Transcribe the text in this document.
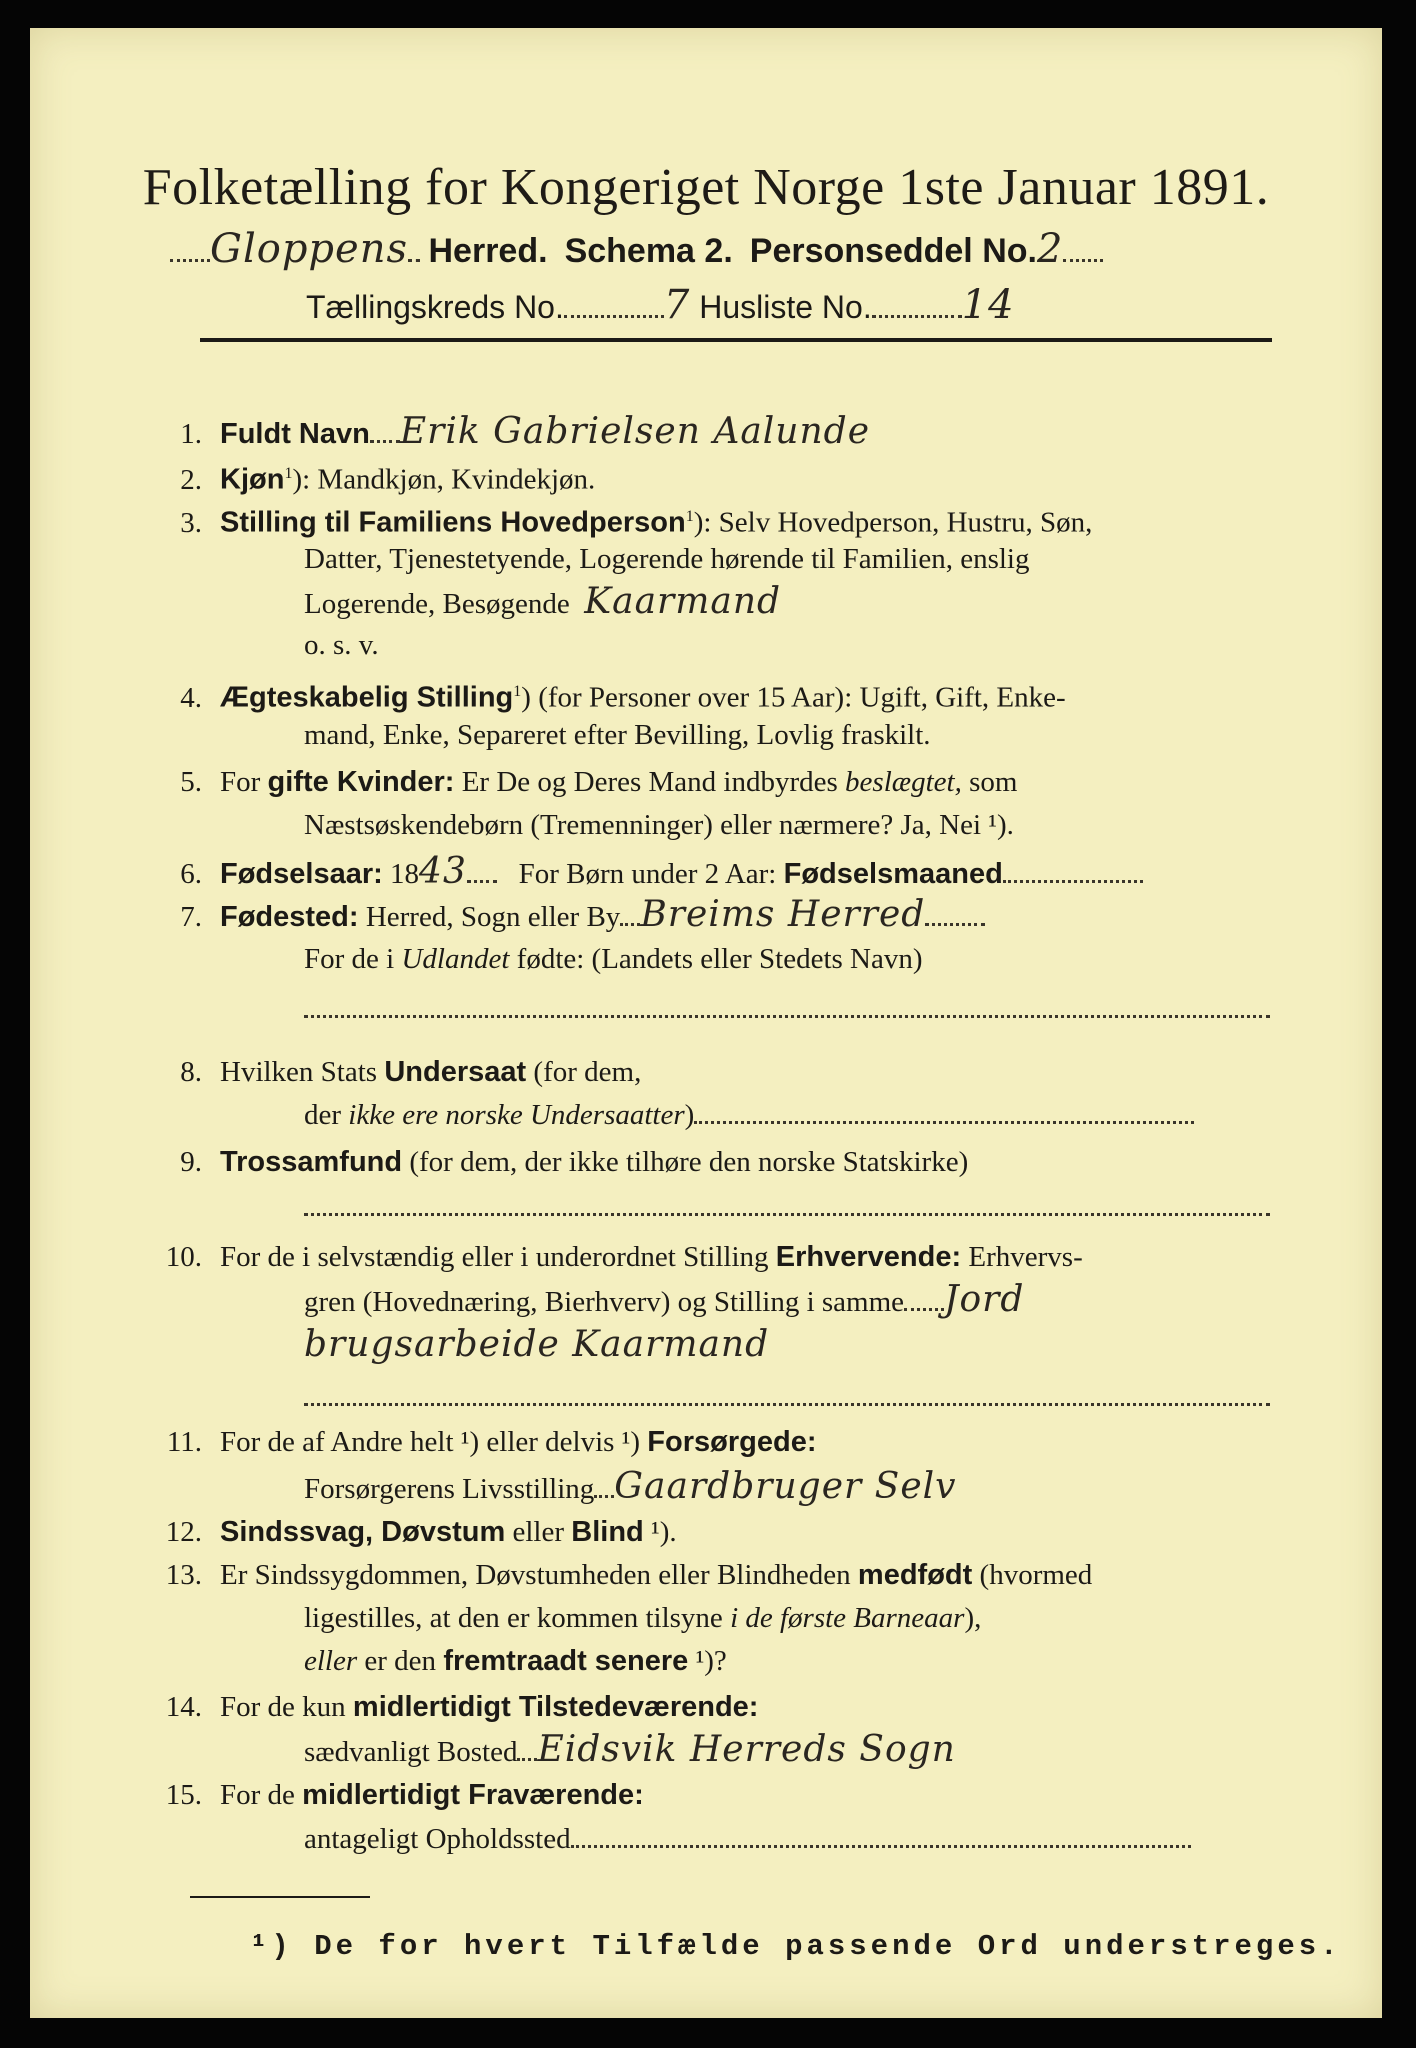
Folketælling for Kongeriget Norge 1ste Januar 1891.
Gloppens Herred. Schema 2. Personseddel No.2
Tællingskreds No.	7 Husliste No. 14
1. Fuldt Navn Erik Gabrielsen Aalunde
2. Kjøn$^1$): Mandkjøn, Kvindekjøn.
3. Stilling til Familiens Hovedperson$^1$): Selv Hovedperson, Hustru, Søn,
Datter, Tjenestetyende, Logerende hørende til Familien, enslig
Logerende, Besøgende Kaarmand
o. s. v.
4. Ægteskabelig Stilling$^1$) (for Personer over 15 Aar): Ugift, Gift, Enke-
mand, Enke, Separeret efter Bevilling, Lovlig fraskilt.
5. For gifte Kvinder: Er De og Deres Mand indbyrdes beslægtet, som
Næstsøskendebørn (Tremenninger) eller nærmere? Ja, Nei ¹).
6. Fødselsaar: 1843 For Børn under 2 Aar: Fødselsmaaned
7. Fødested: Herred, Sogn eller By Breims Herred
For de i Udlandet fødte: (Landets eller Stedets Navn)
8. Hvilken Stats Undersaat (for dem,
der ikke ere norske Undersaatter)
9. Trossamfund (for dem, der ikke tilhøre den norske Statskirke)
10. For de i selvstændig eller i underordnet Stilling Erhvervende: Erhvervs-
gren (Hovednæring, Bierhverv) og Stilling i samme Jord
brugsarbeide Kaarmand
11. For de af Andre helt ¹) eller delvis ¹) Forsørgede:
Forsørgerens Livsstilling Gaardbruger Selv
12. Sindssvag, Døvstum eller Blind ¹).
13. Er Sindssygdommen, Døvstumheden eller Blindheden medfødt (hvormed
ligestilles, at den er kommen tilsyne i de første Barneaar),
eller er den fremtraadt senere ¹)?
14. For de kun midlertidigt Tilstedeværende:
sædvanligt Bosted Eidsvik Herreds Sogn
15. For de midlertidigt Fraværende:
antageligt Opholdssted
¹) De for hvert Tilfælde passende Ord understreges.
